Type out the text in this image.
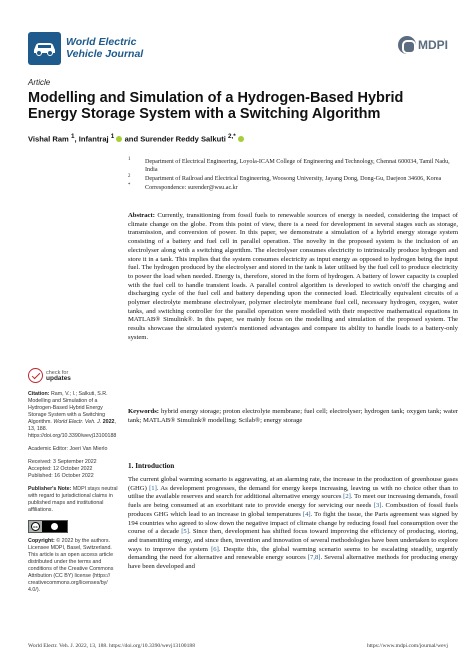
World Electric
Vehicle Journal
MDPI
Article
Modelling and Simulation of a Hydrogen-Based Hybrid Energy Storage System with a Switching Algorithm
Vishal Ram $^1$, Infantraj $^1$ and Surender Reddy Salkuti $^{2,*}$
1 Department of Electrical Engineering, Loyola-ICAM College of Engineering and Technology, Chennai 600034, Tamil Nadu, India
2 Department of Railroad and Electrical Engineering, Woosong University, Jayang Dong, Dong-Gu, Daejeon 34606, Korea
* Correspondence: surender@wsu.ac.kr
Abstract: Currently, transitioning from fossil fuels to renewable sources of energy is needed, considering the impact of climate change on the globe. From this point of view, there is a need for development in several stages such as storage, transmission, and conversion of power. In this paper, we demonstrate a simulation of a hybrid energy storage system consisting of a battery and fuel cell in parallel operation. The novelty in the proposed system is the inclusion of an electrolyser along with a switching algorithm. The electrolyser consumes electricity to intrinsically produce hydrogen and store it in a tank. This implies that the system consumes electricity as input energy as opposed to hydrogen being the input fuel. The hydrogen produced by the electrolyser and stored in the tank is later utilised by the fuel cell to produce electricity to power the load when needed. Energy is, therefore, stored in the form of hydrogen. A battery of lower capacity is coupled with the fuel cell to handle transient loads. A parallel control algorithm is developed to switch on/off the charging and discharging cycle of the fuel cell and battery depending upon the connected load. Electrically equivalent circuits of a polymer electrolyte membrane electrolyser, polymer electrolyte membrane fuel cell, necessary hydrogen, oxygen, water tanks, and switching controller for the parallel operation were modelled with their respective mathematical equations in MATLAB® Simulink®. In this paper, we mainly focus on the modelling and simulation of the proposed system. The results showcase the simulated system's mentioned advantages and compare its ability to handle loads to a battery-only system.
Keywords: hybrid energy storage; proton electrolyte membrane; fuel cell; electrolyser; hydrogen tank; oxygen tank; water tank; MATLAB® Simulink® modelling; Scilab®; energy storage
1. Introduction
The current global warming scenario is aggravating, at an alarming rate, the increase in the production of greenhouse gases (GHG) [1]. As development progresses, the demand for energy keeps increasing, leaving us with no choice other than to utilise the available reserves and search for additional alternative energy sources [2]. To meet our increasing demands, fossil fuels are being consumed at an exorbitant rate to provide energy for servicing our needs [3]. Combustion of fossil fuels produces GHG which lead to an increase in global temperatures [4]. To fight the issue, the Paris agreement was signed by 194 countries who agreed to slow down the negative impact of climate change by reducing fossil fuel consumption over the course of a decade [5]. Since then, development has shifted focus toward improving the efficiency of producing, storing, and transmitting energy, and since then, invention and innovation of several methodologies have been undertaken to explore ways to improve the system [6]. Despite this, the global warming scenario seems to be escalating steadily, urgently demanding the need for alternative and renewable energy sources [7,8]. Several alternative methods for producing energy have been developed and
check for
updates
Citation: Ram, V.; I.; Salkuti, S.R. Modelling and Simulation of a Hydrogen-Based Hybrid Energy Storage System with a Switching Algorithm. World Electr. Veh. J. 2022, 13, 188. https://doi.org/10.3390/wevj13100188
Academic Editor: Joeri Van Mierlo
Received: 3 September 2022
Accepted: 12 October 2022
Published: 16 October 2022
Publisher's Note: MDPI stays neutral with regard to jurisdictional claims in published maps and institutional affiliations.
cc
Copyright: © 2022 by the authors. Licensee MDPI, Basel, Switzerland. This article is an open access article distributed under the terms and conditions of the Creative Commons Attribution (CC BY) license (https:// creativecommons.org/licenses/by/ 4.0/).
World Electr. Veh. J. 2022, 13, 188. https://doi.org/10.3390/wevj13100188	https://www.mdpi.com/journal/wevj
